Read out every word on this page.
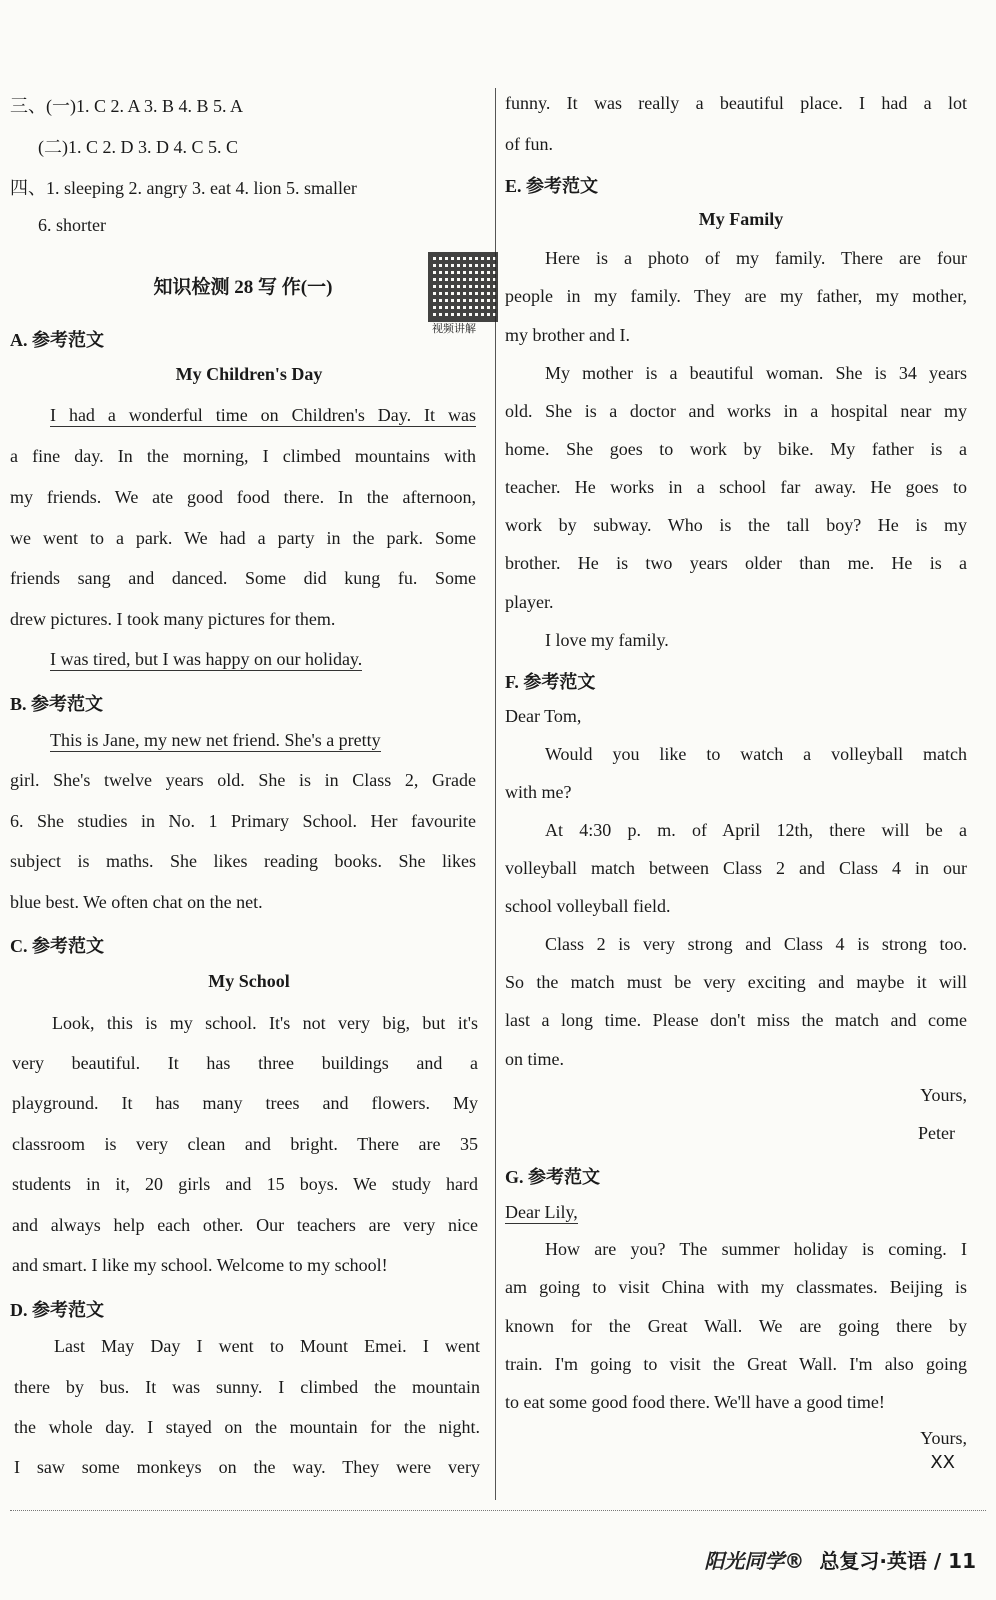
三、(一)1. C 2. A 3. B 4. B 5. A
(二)1. C 2. D 3. D 4. C 5. C
四、1. sleeping 2. angry 3. eat 4. lion 5. smaller
6. shorter
知识检测 28 写 作(一)
视频讲解
A. 参考范文
My Children's Day
I had a wonderful time on Children's Day. It was
a fine day. In the morning, I climbed mountains with
my friends. We ate good food there. In the afternoon,
we went to a park. We had a party in the park. Some
friends sang and danced. Some did kung fu. Some
drew pictures. I took many pictures for them.
I was tired, but I was happy on our holiday.
B. 参考范文
This is Jane, my new net friend. She's a pretty
girl. She's twelve years old. She is in Class 2, Grade
6. She studies in No. 1 Primary School. Her favourite
subject is maths. She likes reading books. She likes
blue best. We often chat on the net.
C. 参考范文
My School
Look, this is my school. It's not very big, but it's
very beautiful. It has three buildings and a
playground. It has many trees and flowers. My
classroom is very clean and bright. There are 35
students in it, 20 girls and 15 boys. We study hard
and always help each other. Our teachers are very nice
and smart. I like my school. Welcome to my school!
D. 参考范文
Last May Day I went to Mount Emei. I went
there by bus. It was sunny. I climbed the mountain
the whole day. I stayed on the mountain for the night.
I saw some monkeys on the way. They were very
funny. It was really a beautiful place. I had a lot
of fun.
E. 参考范文
My Family
Here is a photo of my family. There are four
people in my family. They are my father, my mother,
my brother and I.
My mother is a beautiful woman. She is 34 years
old. She is a doctor and works in a hospital near my
home. She goes to work by bike. My father is a
teacher. He works in a school far away. He goes to
work by subway. Who is the tall boy? He is my
brother. He is two years older than me. He is a
player.
I love my family.
F. 参考范文
Dear Tom,
Would you like to watch a volleyball match
with me?
At 4:30 p. m. of April 12th, there will be a
volleyball match between Class 2 and Class 4 in our
school volleyball field.
Class 2 is very strong and Class 4 is strong too.
So the match must be very exciting and maybe it will
last a long time. Please don't miss the match and come
on time.
Yours,
Peter
G. 参考范文
Dear Lily,
How are you? The summer holiday is coming. I
am going to visit China with my classmates. Beijing is
known for the Great Wall. We are going there by
train. I'm going to visit the Great Wall. I'm also going
to eat some good food there. We'll have a good time!
Yours,
XX
阳光同学® 总复习·英语 / 11
